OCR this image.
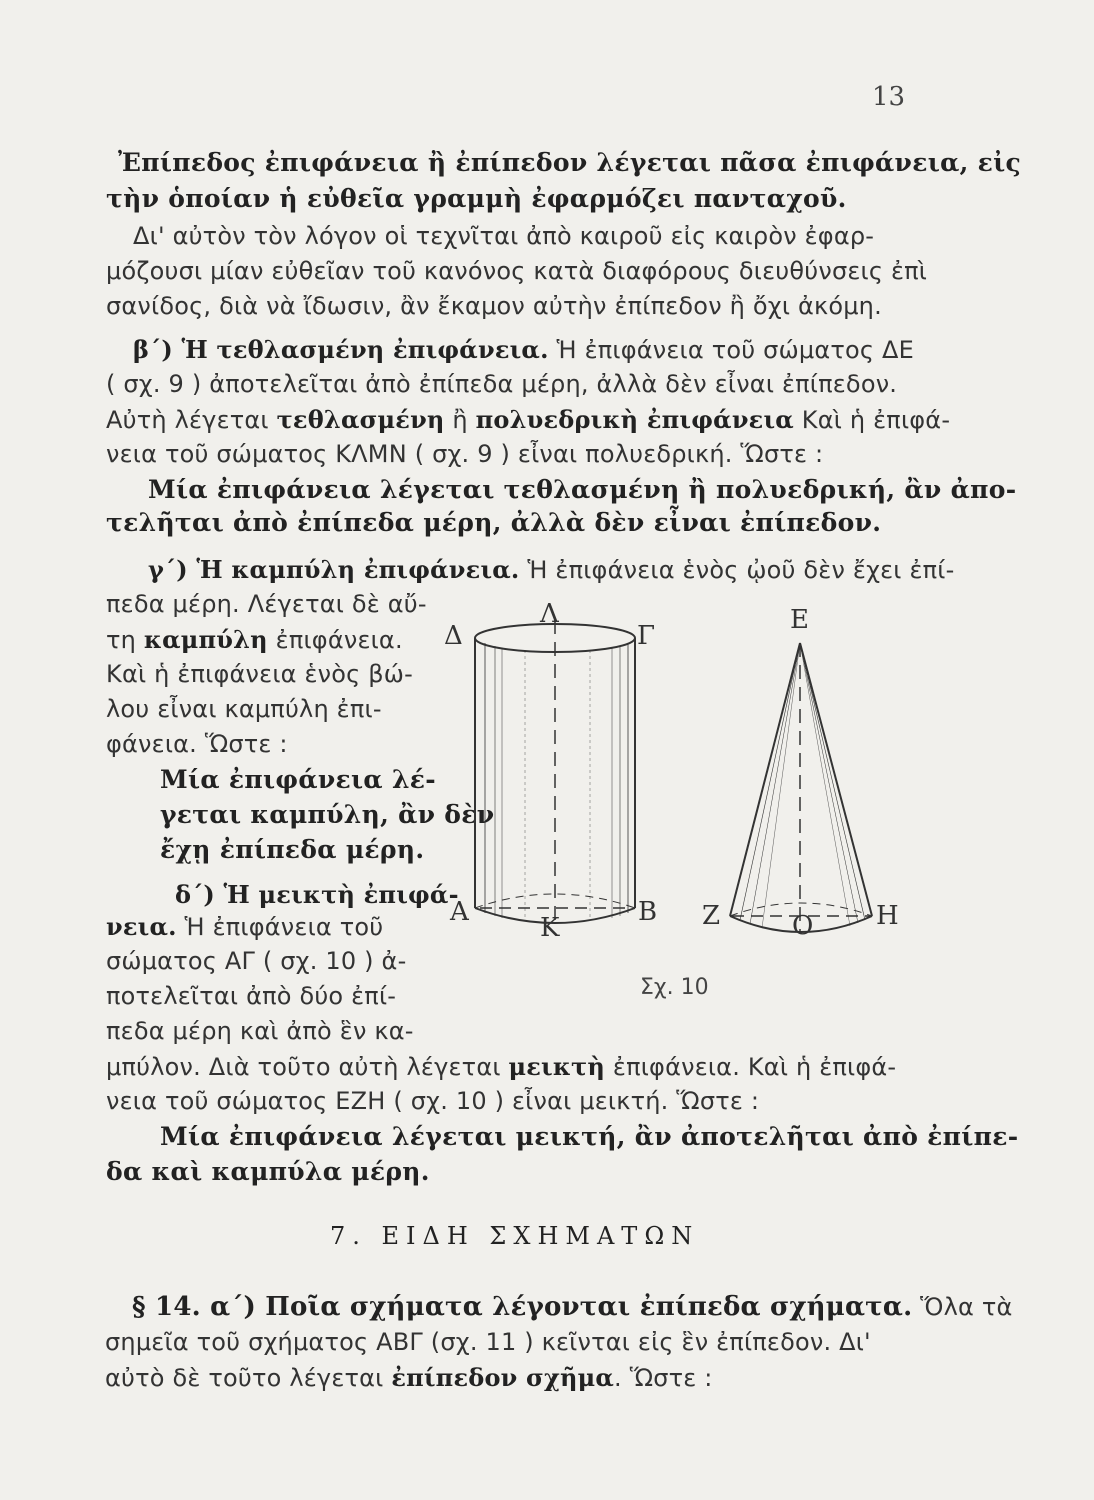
13
Ἐπίπεδος ἐπιφάνεια ἢ ἐπίπεδον λέγεται πᾶσα ἐπιφάνεια, εἰς
τὴν ὁποίαν ἡ εὐθεῖα γραμμὴ ἐφαρμόζει πανταχοῦ.
Δι' αὐτὸν τὸν λόγον οἱ τεχνῖται ἀπὸ καιροῦ εἰς καιρὸν ἐφαρ-
μόζουσι μίαν εὐθεῖαν τοῦ κανόνος κατὰ διαφόρους διευθύνσεις ἐπὶ
σανίδος, διὰ νὰ ἴδωσιν, ἂν ἔκαμον αὐτὴν ἐπίπεδον ἢ ὄχι ἀκόμη.
β΄) Ἡ τεθλασμένη ἐπιφάνεια. Ἡ ἐπιφάνεια τοῦ σώματος ΔΕ
( σχ. 9 ) ἀποτελεῖται ἀπὸ ἐπίπεδα μέρη, ἀλλὰ δὲν εἶναι ἐπίπεδον.
Αὐτὴ λέγεται τεθλασμένη ἢ πολυεδρικὴ ἐπιφάνεια Καὶ ἡ ἐπιφά-
νεια τοῦ σώματος ΚΛΜΝ ( σχ. 9 ) εἶναι πολυεδρική. Ὥστε :
Μία ἐπιφάνεια λέγεται τεθλασμένη ἢ πολυεδρική, ἂν ἀπο-
τελῆται ἀπὸ ἐπίπεδα μέρη, ἀλλὰ δὲν εἶναι ἐπίπεδον.
γ΄) Ἡ καμπύλη ἐπιφάνεια. Ἡ ἐπιφάνεια ἑνὸς ᾠοῦ δὲν ἔχει ἐπί-
πεδα μέρη. Λέγεται δὲ αὔ-
τη καμπύλη ἐπιφάνεια.
Καὶ ἡ ἐπιφάνεια ἑνὸς βώ-
λου εἶναι καμπύλη ἐπι-
φάνεια. Ὥστε :
Μία ἐπιφάνεια λέ-
γεται καμπύλη, ἂν δὲν
ἔχῃ ἐπίπεδα μέρη.
δ΄) Ἡ μεικτὴ ἐπιφά-
νεια. Ἡ ἐπιφάνεια τοῦ
σώματος ΑΓ ( σχ. 10 ) ἀ-
ποτελεῖται ἀπὸ δύο ἐπί-
πεδα μέρη καὶ ἀπὸ ἓν κα-
μπύλον. Διὰ τοῦτο αὐτὴ λέγεται μεικτὴ ἐπιφάνεια. Καὶ ἡ ἐπιφά-
νεια τοῦ σώματος ΕΖΗ ( σχ. 10 ) εἶναι μεικτή. Ὥστε :
Μία ἐπιφάνεια λέγεται μεικτή, ἂν ἀποτελῆται ἀπὸ ἐπίπε-
δα καὶ καμπύλα μέρη.
7. ΕΙΔΗ ΣΧΗΜΑΤΩΝ
§ 14. α΄) Ποῖα σχήματα λέγονται ἐπίπεδα σχήματα. Ὅλα τὰ
σημεῖα τοῦ σχήματος ΑΒΓ (σχ. 11 ) κεῖνται εἰς ἓν ἐπίπεδον. Δι'
αὐτὸ δὲ τοῦτο λέγεται ἐπίπεδον σχῆμα. Ὥστε :
Δ
Λ
Γ
Α
Κ
Β
Ε
Ζ	Ο Η
Σχ. 10
